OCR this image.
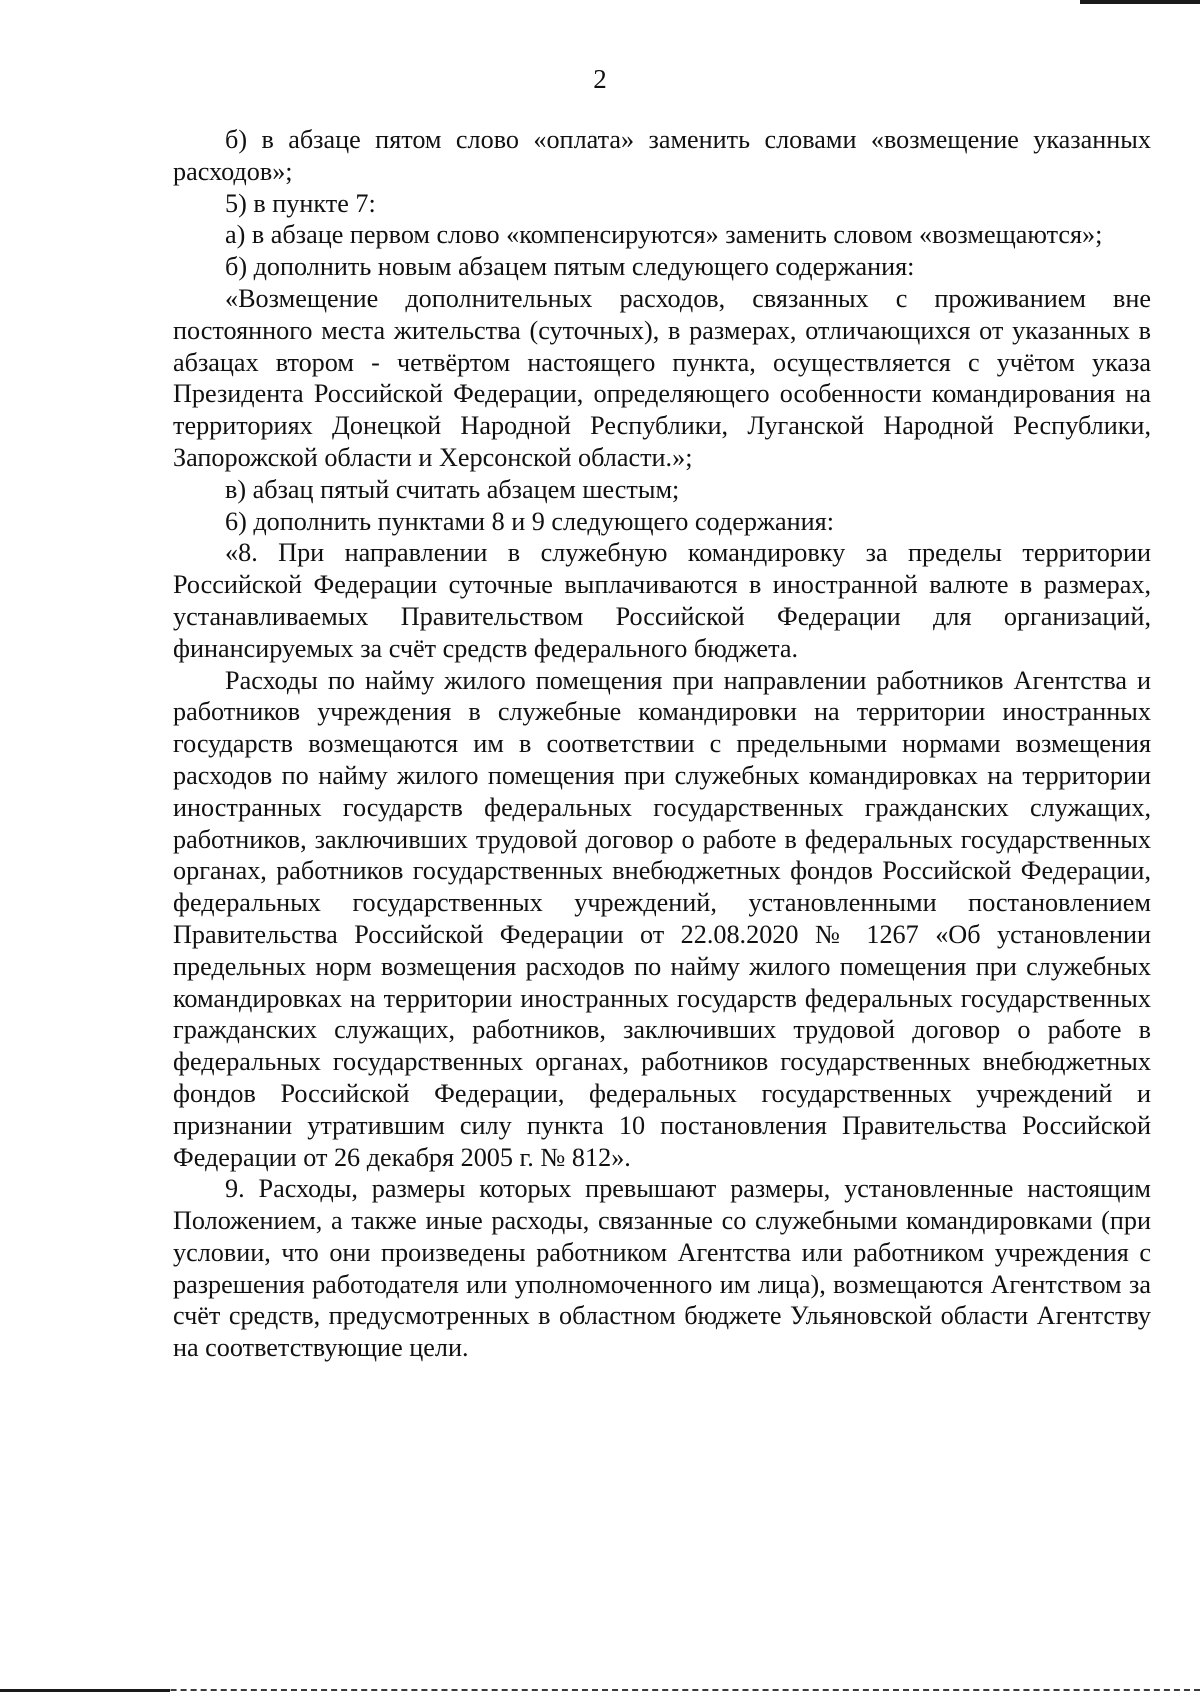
2

б) в абзаце пятом слово «оплата» заменить словами «возмещение указанных расходов»;

5) в пункте 7:

а) в абзаце первом слово «компенсируются» заменить словом «возмещаются»;

б) дополнить новым абзацем пятым следующего содержания:

«Возмещение дополнительных расходов, связанных с проживанием вне постоянного места жительства (суточных), в размерах, отличающихся от указанных в абзацах втором - четвёртом настоящего пункта, осуществляется с учётом указа Президента Российской Федерации, определяющего особенности командирования на территориях Донецкой Народной Республики, Луганской Народной Республики, Запорожской области и Херсонской области.»;

в) абзац пятый считать абзацем шестым;

6) дополнить пунктами 8 и 9 следующего содержания:

«8. При направлении в служебную командировку за пределы территории Российской Федерации суточные выплачиваются в иностранной валюте в размерах, устанавливаемых Правительством Российской Федерации для организаций, финансируемых за счёт средств федерального бюджета.

Расходы по найму жилого помещения при направлении работников Агентства и работников учреждения в служебные командировки на территории иностранных государств возмещаются им в соответствии с предельными нормами возмещения расходов по найму жилого помещения при служебных командировках на территории иностранных государств федеральных государственных гражданских служащих, работников, заключивших трудовой договор о работе в федеральных государственных органах, работников государственных внебюджетных фондов Российской Федерации, федеральных государственных учреждений, установленными постановлением Правительства Российской Федерации от 22.08.2020 № 1267 «Об установлении предельных норм возмещения расходов по найму жилого помещения при служебных командировках на территории иностранных государств федеральных государственных гражданских служащих, работников, заключивших трудовой договор о работе в федеральных государственных органах, работников государственных внебюджетных фондов Российской Федерации, федеральных государственных учреждений и признании утратившим силу пункта 10 постановления Правительства Российской Федерации от 26 декабря 2005 г. № 812».

9. Расходы, размеры которых превышают размеры, установленные настоящим Положением, а также иные расходы, связанные со служебными командировками (при условии, что они произведены работником Агентства или работником учреждения с разрешения работодателя или уполномоченного им лица), возмещаются Агентством за счёт средств, предусмотренных в областном бюджете Ульяновской области Агентству на соответствующие цели.
